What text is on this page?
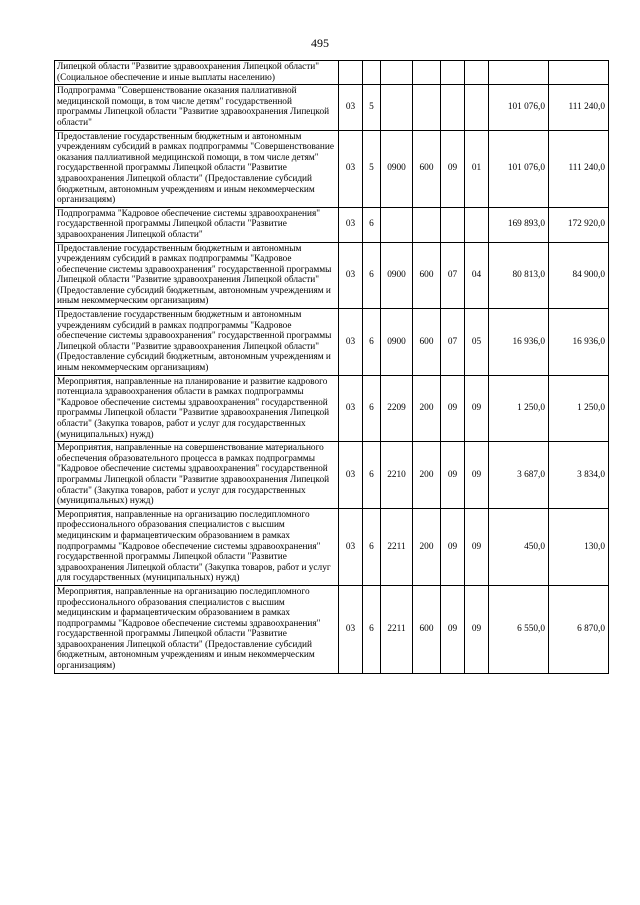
495
Липецкой области "Развитие здравоохранения Липецкой области" (Социальное обеспечение и иные выплаты населению)								
Подпрограмма "Совершенствование оказания паллиативной медицинской помощи, в том числе детям" государственной программы Липецкой области "Развитие здравоохранения Липецкой области"	03	5					101 076,0	111 240,0
Предоставление государственным бюджетным и автономным учреждениям субсидий в рамках подпрограммы "Совершенствование оказания паллиативной медицинской помощи, в том числе детям" государственной программы Липецкой области "Развитие здравоохранения Липецкой области" (Предоставление субсидий бюджетным, автономным учреждениям и иным некоммерческим организациям)	03	5	0900	600	09	01	101 076,0	111 240,0
Подпрограмма "Кадровое обеспечение системы здравоохранения" государственной программы Липецкой области "Развитие здравоохранения Липецкой области"	03	6					169 893,0	172 920,0
Предоставление государственным бюджетным и автономным учреждениям субсидий в рамках подпрограммы "Кадровое обеспечение системы здравоохранения" государственной программы Липецкой области "Развитие здравоохранения Липецкой области" (Предоставление субсидий бюджетным, автономным учреждениям и иным некоммерческим организациям)	03	6	0900	600	07	04	80 813,0	84 900,0
Предоставление государственным бюджетным и автономным учреждениям субсидий в рамках подпрограммы "Кадровое обеспечение системы здравоохранения" государственной программы Липецкой области "Развитие здравоохранения Липецкой области" (Предоставление субсидий бюджетным, автономным учреждениям и иным некоммерческим организациям)	03	6	0900	600	07	05	16 936,0	16 936,0
Мероприятия, направленные на планирование и развитие кадрового потенциала здравоохранения области в рамках подпрограммы "Кадровое обеспечение системы здравоохранения" государственной программы Липецкой области "Развитие здравоохранения Липецкой области" (Закупка товаров, работ и услуг для государственных (муниципальных) нужд)	03	6	2209	200	09	09	1 250,0	1 250,0
Мероприятия, направленные на совершенствование материального обеспечения образовательного процесса в рамках подпрограммы "Кадровое обеспечение системы здравоохранения" государственной программы Липецкой области "Развитие здравоохранения Липецкой области" (Закупка товаров, работ и услуг для государственных (муниципальных) нужд)	03	6	2210	200	09	09	3 687,0	3 834,0
Мероприятия, направленные на организацию последипломного профессионального образования специалистов с высшим медицинским и фармацевтическим образованием в рамках подпрограммы "Кадровое обеспечение системы здравоохранения" государственной программы Липецкой области "Развитие здравоохранения Липецкой области" (Закупка товаров, работ и услуг для государственных (муниципальных) нужд)	03	6	2211	200	09	09	450,0	130,0
Мероприятия, направленные на организацию последипломного профессионального образования специалистов с высшим медицинским и фармацевтическим образованием в рамках подпрограммы "Кадровое обеспечение системы здравоохранения" государственной программы Липецкой области "Развитие здравоохранения Липецкой области" (Предоставление субсидий бюджетным, автономным учреждениям и иным некоммерческим организациям)	03	6	2211	600	09	09	6 550,0	6 870,0
